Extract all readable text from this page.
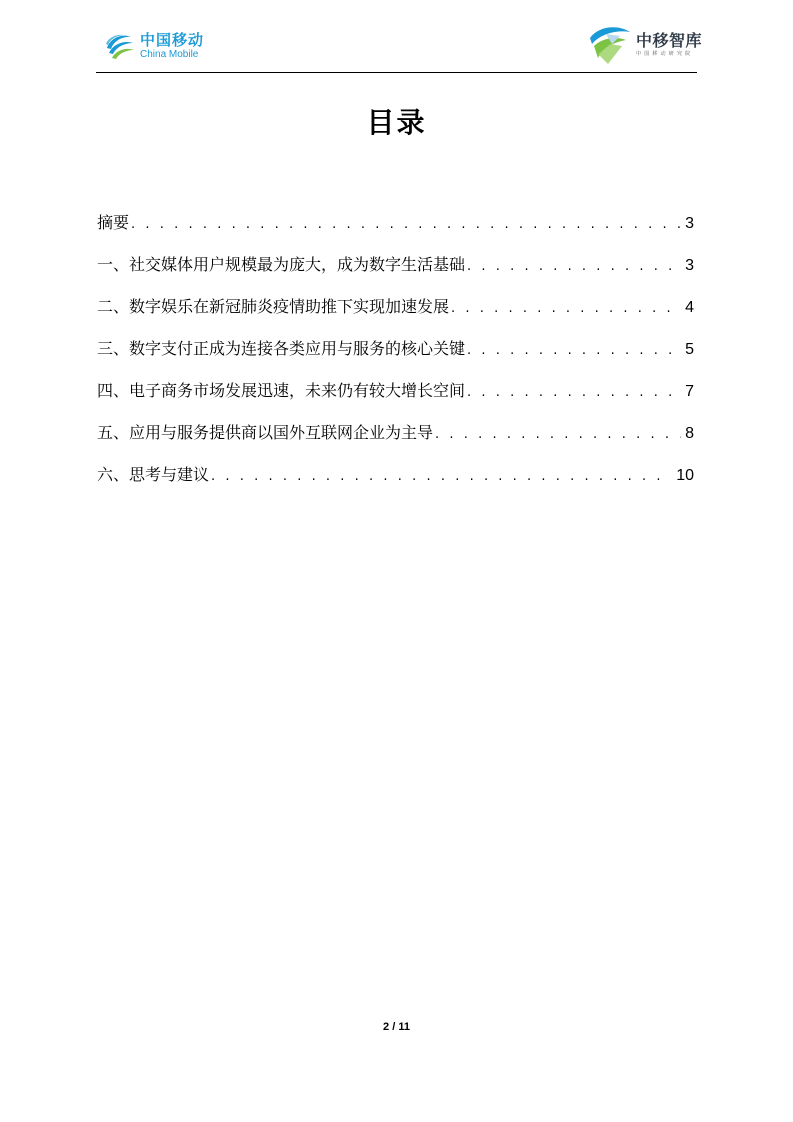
中国移动
China Mobile
中移智库
中国移动研究院
目录
摘要 . . .	3
一、社交媒体用户规模最为庞大，成为数字生活基础 . . .	3
二、数字娱乐在新冠肺炎疫情助推下实现加速发展 . . .	4
三、数字支付正成为连接各类应用与服务的核心关键 . . .	5
四、电子商务市场发展迅速，未来仍有较大增长空间 . . .	7
五、应用与服务提供商以国外互联网企业为主导 . . .	8
六、思考与建议 . . .	10
2 / 11
